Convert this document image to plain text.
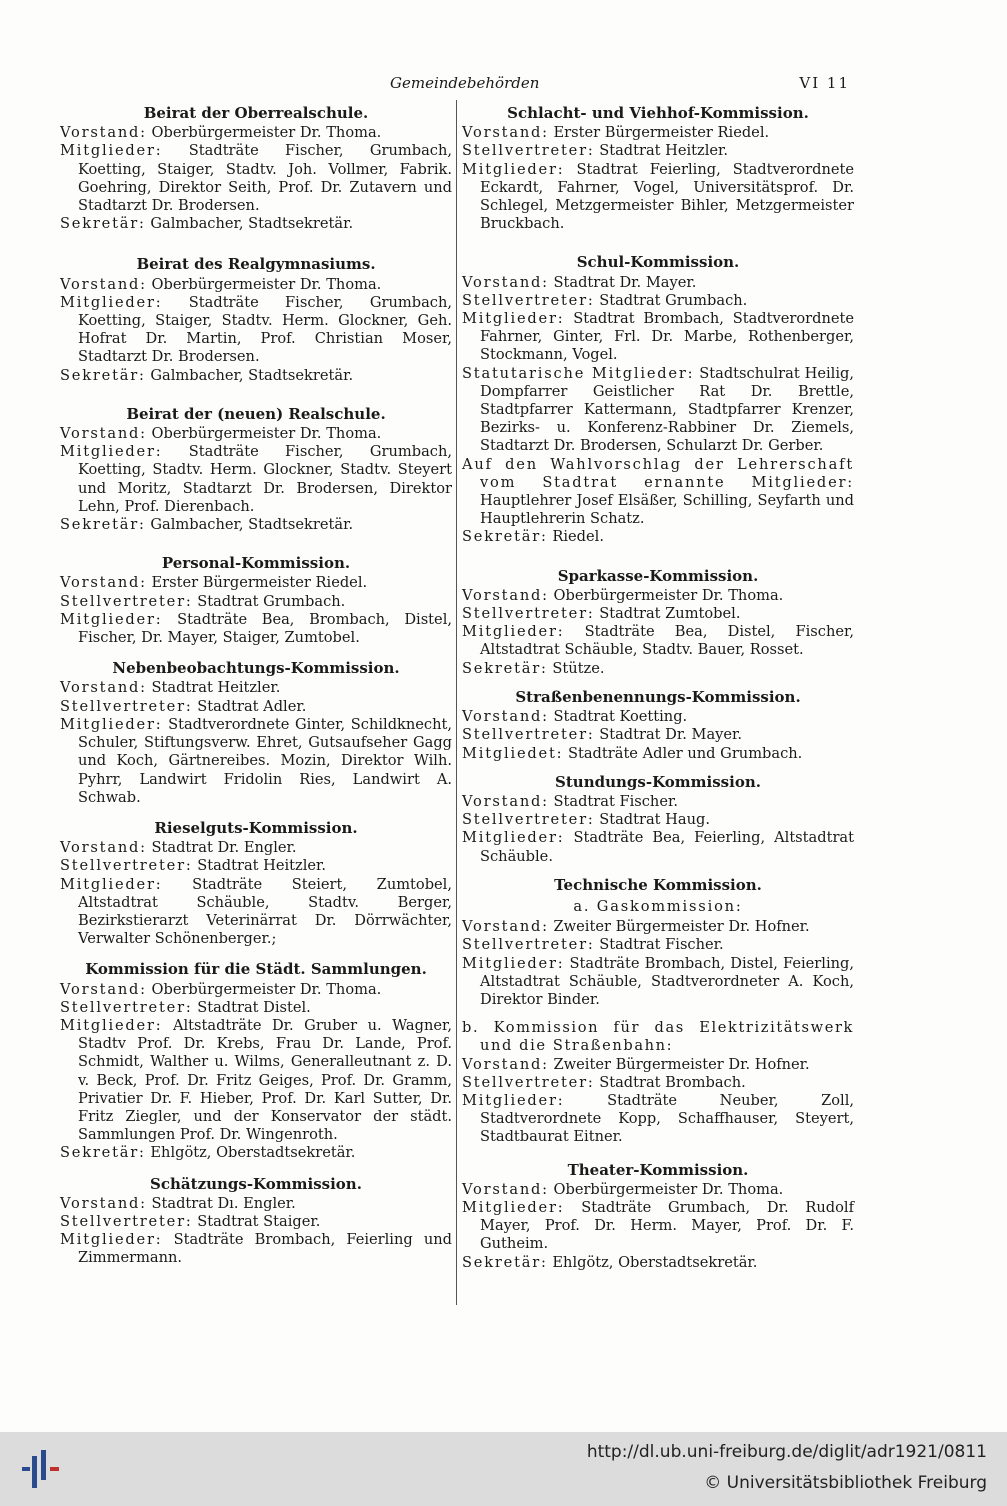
Gemeindebehörden	VI 11

Beirat der Oberrealschule.

Vorstand: Oberbürgermeister Dr. Thoma.

Mitglieder: Stadträte Fischer, Grumbach, Koetting, Staiger, Stadtv. Joh. Vollmer, Fabrik. Goehring, Direktor Seith, Prof. Dr. Zutavern und Stadtarzt Dr. Brodersen.

Sekretär: Galmbacher, Stadtsekretär.

Beirat des Realgymnasiums.

Vorstand: Oberbürgermeister Dr. Thoma.

Mitglieder: Stadträte Fischer, Grumbach, Koetting, Staiger, Stadtv. Herm. Glockner, Geh. Hofrat Dr. Martin, Prof. Christian Moser, Stadtarzt Dr. Brodersen.

Sekretär: Galmbacher, Stadtsekretär.

Beirat der (neuen) Realschule.

Vorstand: Oberbürgermeister Dr. Thoma.

Mitglieder: Stadträte Fischer, Grumbach, Koetting, Stadtv. Herm. Glockner, Stadtv. Steyert und Moritz, Stadtarzt Dr. Brodersen, Direktor Lehn, Prof. Dierenbach.

Sekretär: Galmbacher, Stadtsekretär.

Personal-Kommission.

Vorstand: Erster Bürgermeister Riedel.

Stellvertreter: Stadtrat Grumbach.

Mitglieder: Stadträte Bea, Brombach, Distel, Fischer, Dr. Mayer, Staiger, Zumtobel.

Nebenbeobachtungs-Kommission.

Vorstand: Stadtrat Heitzler.

Stellvertreter: Stadtrat Adler.

Mitglieder: Stadtverordnete Ginter, Schildknecht, Schuler, Stiftungsverw. Ehret, Gutsaufseher Gagg und Koch, Gärtnereibes. Mozin, Direktor Wilh. Pyhrr, Landwirt Fridolin Ries, Landwirt A. Schwab.

Rieselguts-Kommission.

Vorstand: Stadtrat Dr. Engler.

Stellvertreter: Stadtrat Heitzler.

Mitglieder: Stadträte Steiert, Zumtobel, Altstadtrat Schäuble, Stadtv. Berger, Bezirkstierarzt Veterinärrat Dr. Dörrwächter, Verwalter Schönenberger.;

Kommission für die Städt. Sammlungen.

Vorstand: Oberbürgermeister Dr. Thoma.

Stellvertreter: Stadtrat Distel.

Mitglieder: Altstadträte Dr. Gruber u. Wagner, Stadtv Prof. Dr. Krebs, Frau Dr. Lande, Prof. Schmidt, Walther u. Wilms, Generalleutnant z. D. v. Beck, Prof. Dr. Fritz Geiges, Prof. Dr. Gramm, Privatier Dr. F. Hieber, Prof. Dr. Karl Sutter, Dr. Fritz Ziegler, und der Konservator der städt. Sammlungen Prof. Dr. Wingenroth.

Sekretär: Ehlgötz, Oberstadtsekretär.

Schätzungs-Kommission.

Vorstand: Stadtrat Dı. Engler.

Stellvertreter: Stadtrat Staiger.

Mitglieder: Stadträte Brombach, Feierling und Zimmermann.

Schlacht- und Viehhof-Kommission.

Vorstand: Erster Bürgermeister Riedel.

Stellvertreter: Stadtrat Heitzler.

Mitglieder: Stadtrat Feierling, Stadtverordnete Eckardt, Fahrner, Vogel, Universitätsprof. Dr. Schlegel, Metzgermeister Bihler, Metzgermeister Bruckbach.

Schul-Kommission.

Vorstand: Stadtrat Dr. Mayer.

Stellvertreter: Stadtrat Grumbach.

Mitglieder: Stadtrat Brombach, Stadtverordnete Fahrner, Ginter, Frl. Dr. Marbe, Rothenberger, Stockmann, Vogel.

Statutarische Mitglieder: Stadtschulrat Heilig, Dompfarrer Geistlicher Rat Dr. Brettle, Stadtpfarrer Kattermann, Stadtpfarrer Krenzer, Bezirks- u. Konferenz-Rabbiner Dr. Ziemels, Stadtarzt Dr. Brodersen, Schularzt Dr. Gerber.

Auf den Wahlvorschlag der Lehrerschaft vom Stadtrat ernannte Mitglieder: Hauptlehrer Josef Elsäßer, Schilling, Seyfarth und Hauptlehrerin Schatz.

Sekretär: Riedel.

Sparkasse-Kommission.

Vorstand: Oberbürgermeister Dr. Thoma.

Stellvertreter: Stadtrat Zumtobel.

Mitglieder: Stadträte Bea, Distel, Fischer, Altstadtrat Schäuble, Stadtv. Bauer, Rosset.

Sekretär: Stütze.

Straßenbenennungs-Kommission.

Vorstand: Stadtrat Koetting.

Stellvertreter: Stadtrat Dr. Mayer.

Mitgliedet: Stadträte Adler und Grumbach.

Stundungs-Kommission.

Vorstand: Stadtrat Fischer.

Stellvertreter: Stadtrat Haug.

Mitglieder: Stadträte Bea, Feierling, Altstadtrat Schäuble.

Technische Kommission.

a. Gaskommission:

Vorstand: Zweiter Bürgermeister Dr. Hofner.

Stellvertreter: Stadtrat Fischer.

Mitglieder: Stadträte Brombach, Distel, Feierling, Altstadtrat Schäuble, Stadtverordneter A. Koch, Direktor Binder.

b. Kommission für das Elektrizitätswerk und die Straßenbahn:

Vorstand: Zweiter Bürgermeister Dr. Hofner.

Stellvertreter: Stadtrat Brombach.

Mitglieder: Stadträte Neuber, Zoll, Stadtverordnete Kopp, Schaffhauser, Steyert, Stadtbaurat Eitner.

Theater-Kommission.

Vorstand: Oberbürgermeister Dr. Thoma.

Mitglieder: Stadträte Grumbach, Dr. Rudolf Mayer, Prof. Dr. Herm. Mayer, Prof. Dr. F. Gutheim.

Sekretär: Ehlgötz, Oberstadtsekretär.

http://dl.ub.uni-freiburg.de/diglit/adr1921/0811
© Universitätsbibliothek Freiburg
